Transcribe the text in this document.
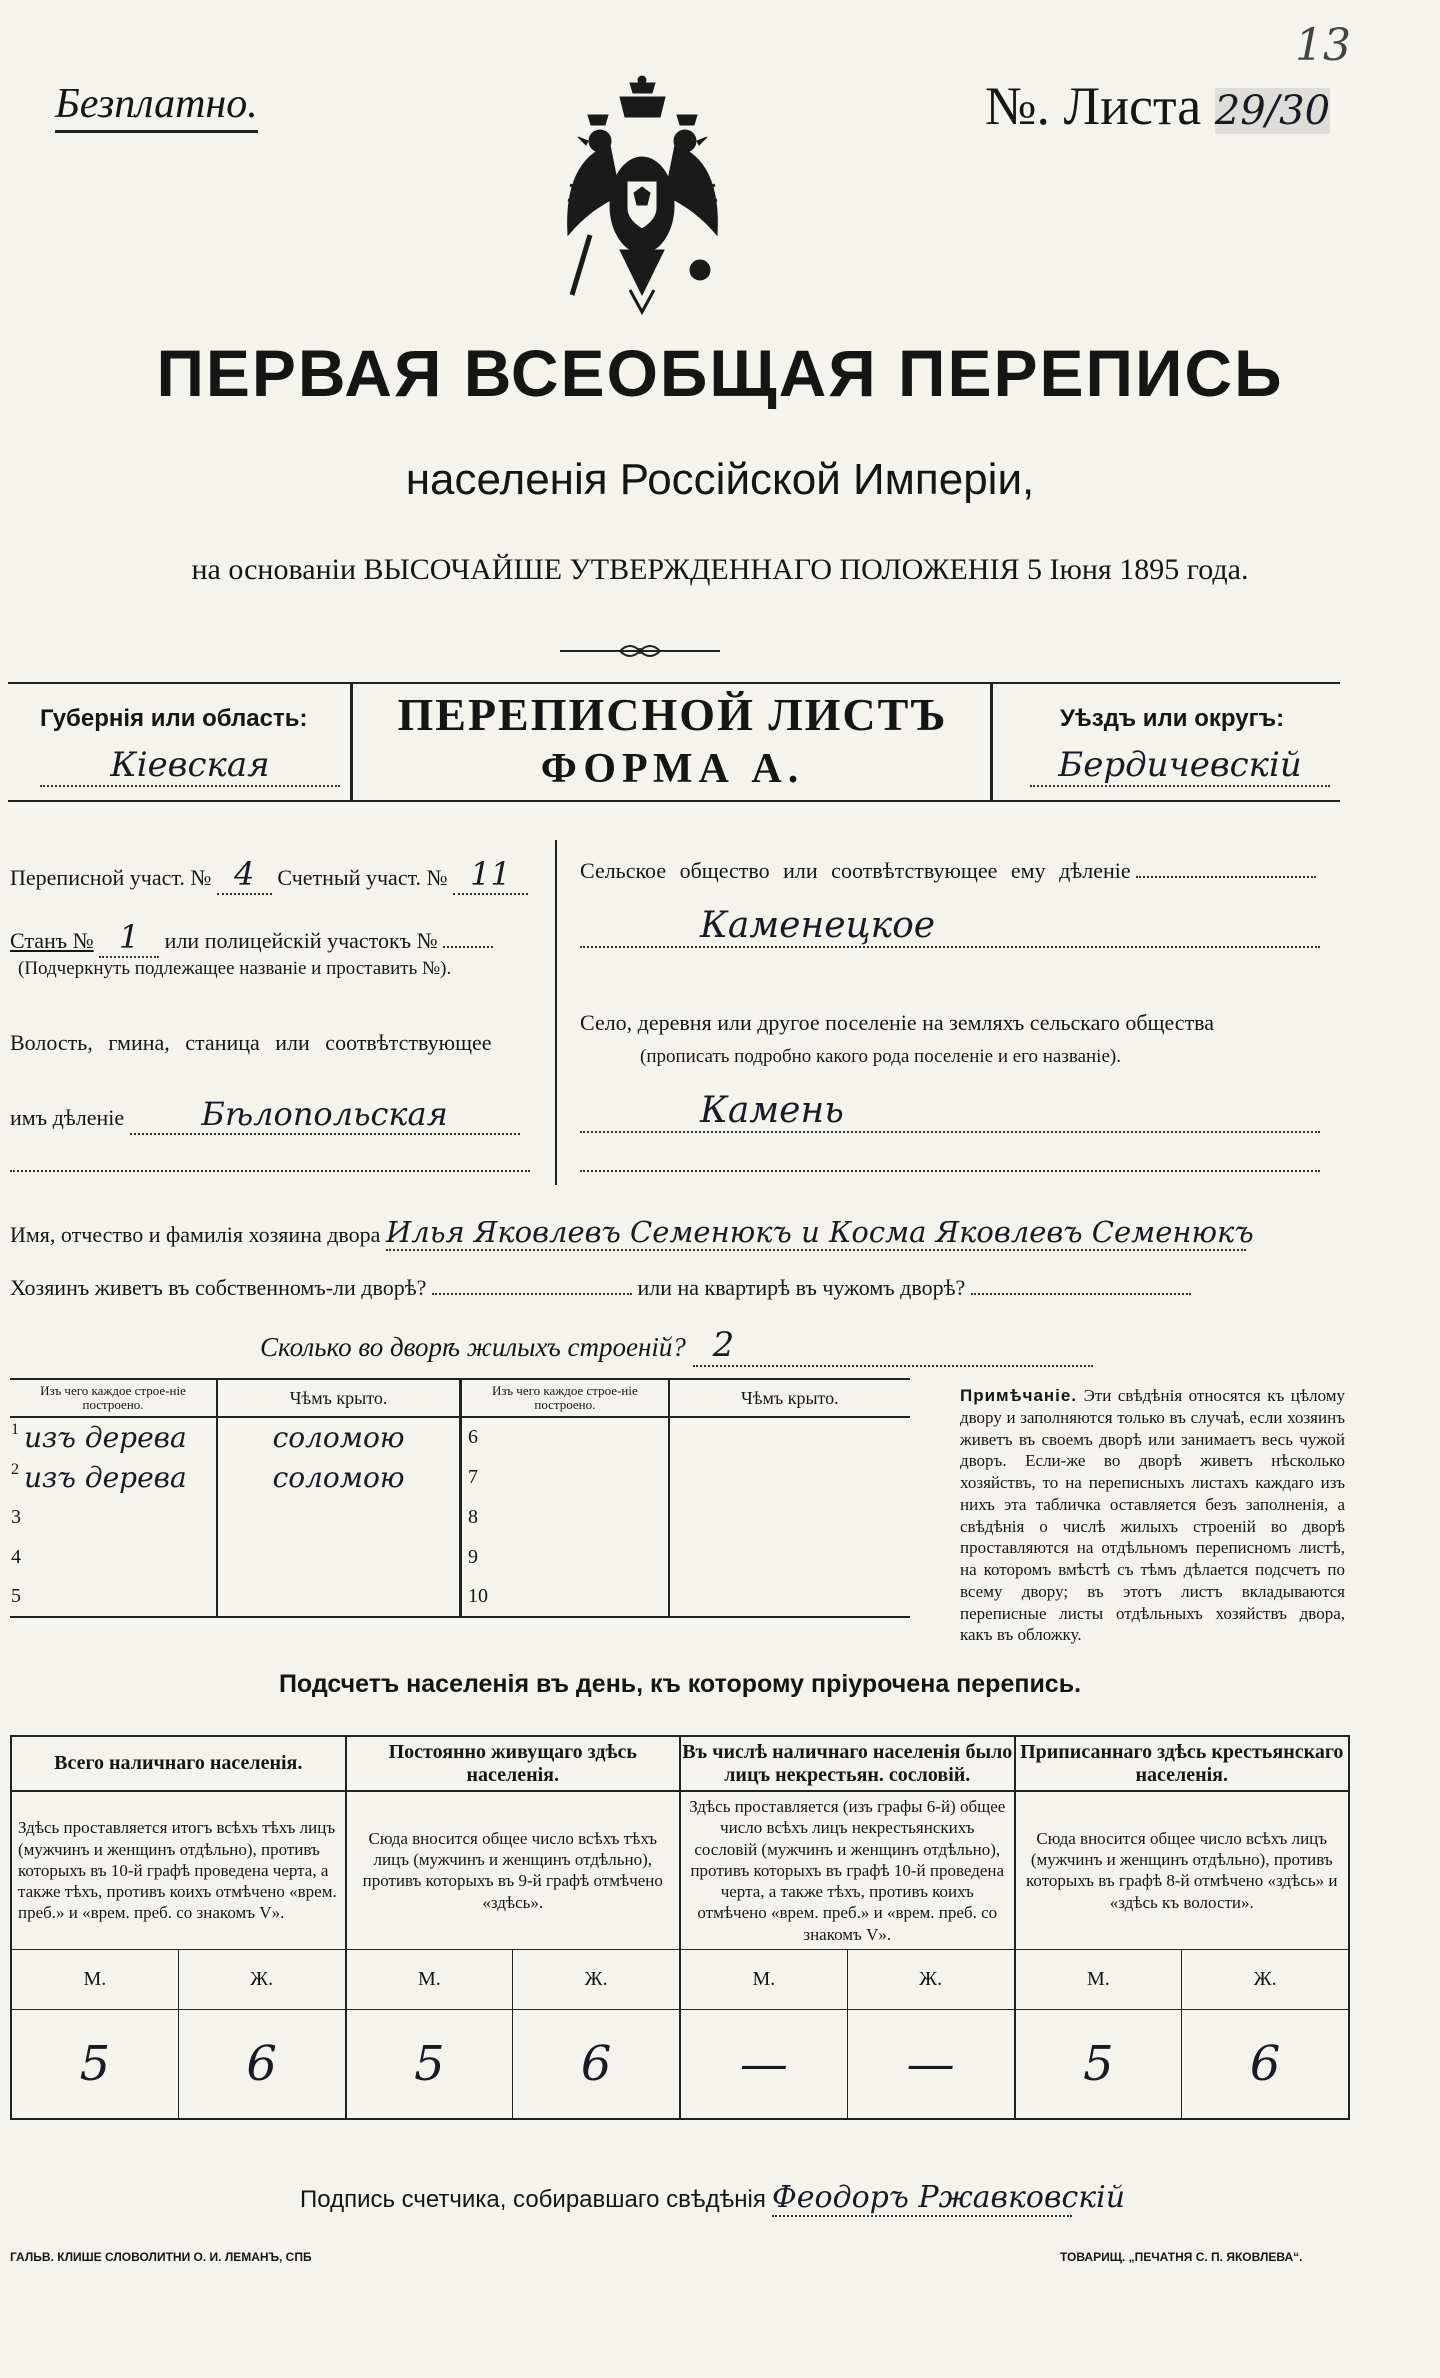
Безплатно.	№. Листа 29/30
13
ПЕРВАЯ ВСЕОБЩАЯ ПЕРЕПИСЬ
населенія Россійской Имперіи,
на основаніи ВЫСОЧАЙШЕ УТВЕРЖДЕННАГО ПОЛОЖЕНІЯ 5 Іюня 1895 года.
Губернія или область:
Кіевская
ПЕРЕПИСНОЙ ЛИСТЪ
ФОРМА А.
Уѣздъ или округъ:
Бердичевскій
Переписной участ. № 4 Счетный участ. № 11
Станъ № 1 или полицейскій участокъ №
(Подчеркнуть подлежащее названіе и проставить №).
Волость, гмина, станица или соотвѣтствующее
имъ дѣленіе Бѣлопольская
Сельское общество или соотвѣтствующее ему дѣленіе
Каменецкое
Село, деревня или другое поселеніе на земляхъ сельскаго общества
(прописать подробно какого рода поселеніе и его названіе).
Камень
Имя, отчество и фамилія хозяина двора Илья Яковлевъ Семенюкъ и Косма Яковлевъ Семенюкъ
Хозяинъ живетъ въ собственномъ-ли дворѣ?	или на квартирѣ въ чужомъ дворѣ?
Сколько во дворѣ жилыхъ строеній? 2
Изъ чего каждое строе-ніе построено.	Чѣмъ крыто.	Изъ чего каждое строе-ніе построено.	Чѣмъ крыто.
$^1$ изъ дерева	соломою	6	
$^2$ изъ дерева	соломою	7	
3		8	
4		9	
5		10	
Примѣчаніе. Эти свѣдѣнія относятся къ цѣлому двору и заполняются только въ случаѣ, если хозяинъ живетъ въ своемъ дворѣ или занимаетъ весь чужой дворъ. Если-же во дворѣ живетъ нѣсколько хозяйствъ, то на переписныхъ листахъ каждаго изъ нихъ эта табличка оставляется безъ заполненія, а свѣдѣнія о числѣ жилыхъ строеній во дворѣ проставляются на отдѣльномъ переписномъ листѣ, на которомъ вмѣстѣ съ тѣмъ дѣлается подсчетъ по всему двору; въ этотъ листъ вкладываются переписные листы отдѣльныхъ хозяйствъ двора, какъ въ обложку.
Подсчетъ населенія въ день, къ которому пріурочена перепись.
Всего наличнаго населенія.		Постоянно живущаго здѣсь населенія.		Въ числѣ наличнаго населенія было лицъ некрестьян. сословій.		Приписаннаго здѣсь крестьянскаго населенія.	
Здѣсь проставляется итогъ всѣхъ тѣхъ лицъ (мужчинъ и женщинъ отдѣльно), противъ которыхъ въ 10-й графѣ проведена черта, а также тѣхъ, противъ коихъ отмѣчено «врем. преб.» и «врем. преб. со знакомъ V».		Сюда вносится общее число всѣхъ тѣхъ лицъ (мужчинъ и женщинъ отдѣльно), противъ которыхъ въ 9-й графѣ отмѣчено «здѣсь».		Здѣсь проставляется (изъ графы 6-й) общее число всѣхъ лицъ некрестьянскихъ сословій (мужчинъ и женщинъ отдѣльно), противъ которыхъ въ графѣ 10-й проведена черта, а также тѣхъ, противъ коихъ отмѣчено «врем. преб.» и «врем. преб. со знакомъ V».		Сюда вносится общее число всѣхъ лицъ (мужчинъ и женщинъ отдѣльно), противъ которыхъ въ графѣ 8-й отмѣчено «здѣсь» и «здѣсь къ волости».	
М.	Ж.	М.	Ж.	М.	Ж.	М.	Ж.
5	6	5	6	—	—	5	6
Подпись счетчика, собиравшаго свѣдѣнія Феодоръ Ржавковскій
ГАЛЬВ. КЛИШЕ СЛОВОЛИТНИ О. И. ЛЕМАНЪ, СПБ	ТОВАРИЩ. „ПЕЧАТНЯ С. П. ЯКОВЛЕВА“.
